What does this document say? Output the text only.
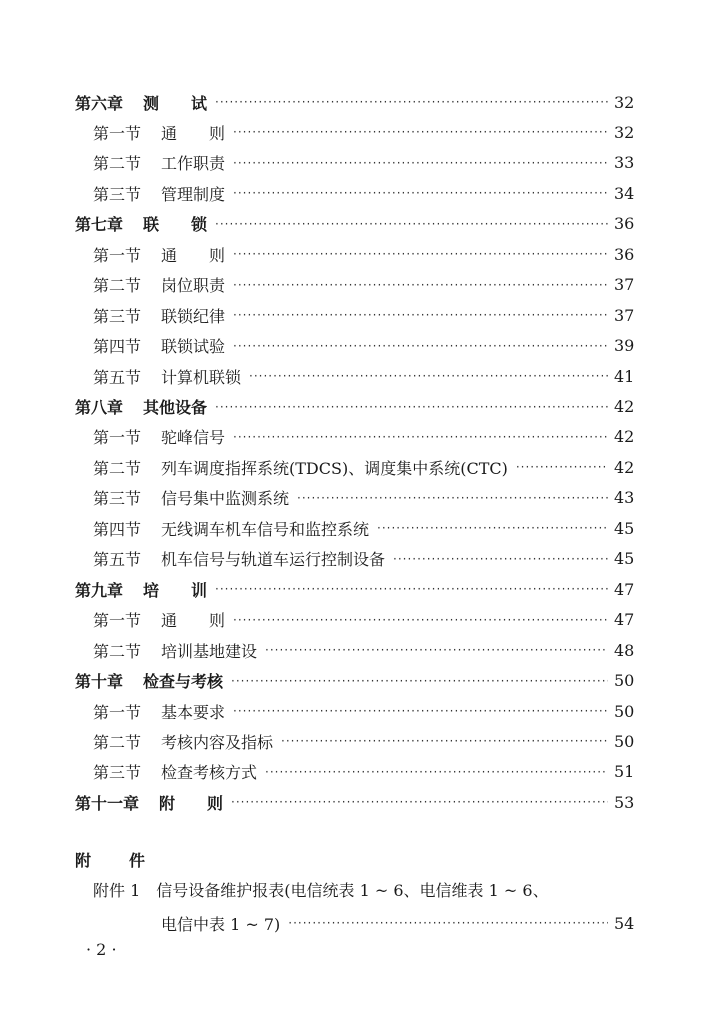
第六章 测　　试 ·····	32
第一节 通　　则 ·····	32
第二节 工作职责 ·····	33
第三节 管理制度 ·····	34
第七章 联　　锁 ·····	36
第一节 通　　则 ·····	36
第二节 岗位职责 ·····	37
第三节 联锁纪律 ·····	37
第四节 联锁试验 ·····	39
第五节 计算机联锁 ·····	41
第八章 其他设备 ·····	42
第一节 驼峰信号 ·····	42
第二节 列车调度指挥系统(TDCS)、调度集中系统(CTC) ·····	42
第三节 信号集中监测系统 ·····	43
第四节 无线调车机车信号和监控系统 ·····	45
第五节 机车信号与轨道车运行控制设备 ·····	45
第九章 培　　训 ·····	47
第一节 通　　则 ·····	47
第二节 培训基地建设 ·····	48
第十章 检查与考核 ·····	50
第一节 基本要求 ·····	50
第二节 考核内容及指标 ·····	50
第三节 检查考核方式 ·····	51
第十一章 附　　则 ·····	53
附　　件
附件 1 信号设备维护报表(电信统表 1 ~ 6、电信维表 1 ~ 6、
电信中表 1 ~ 7) ·····	54
· 2 ·
